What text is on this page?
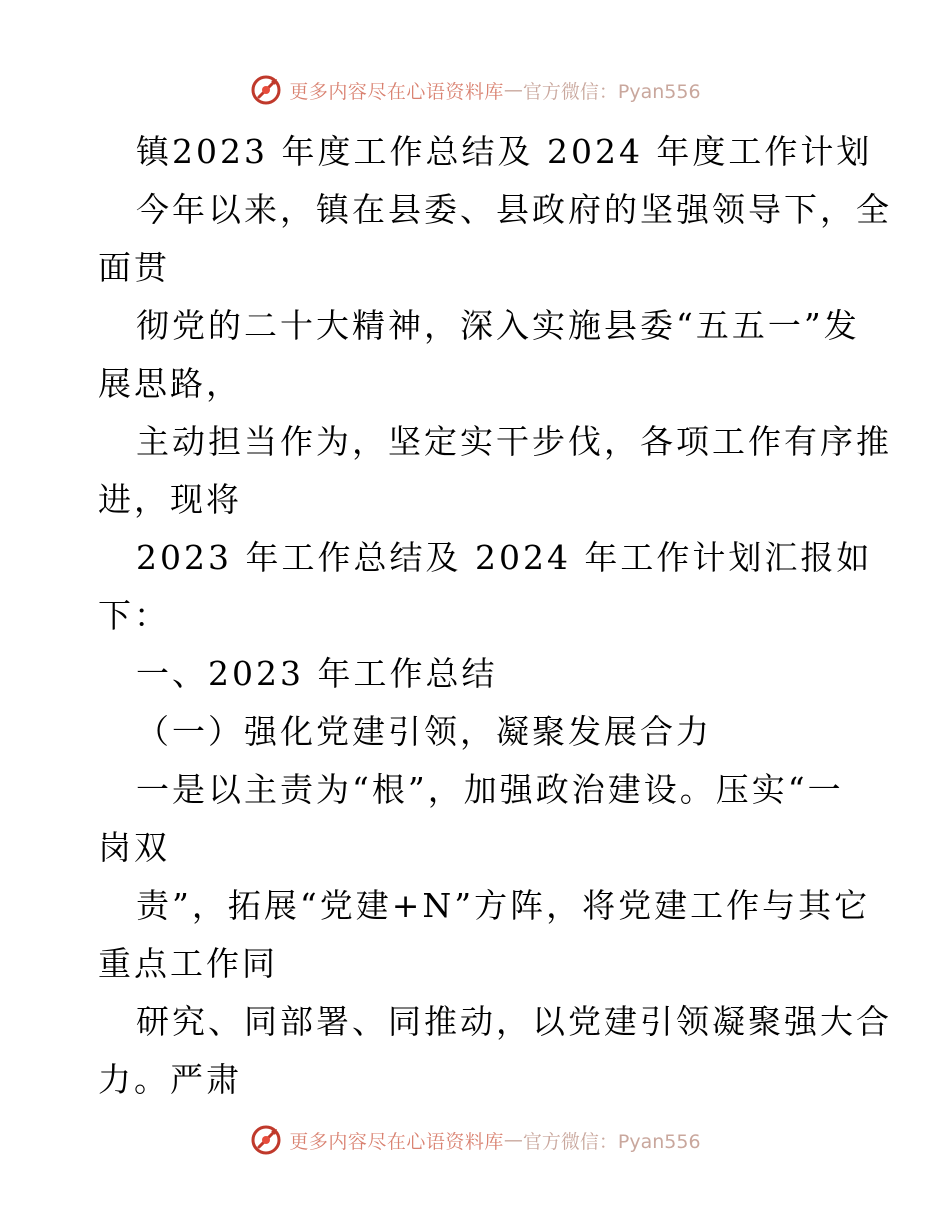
更多内容尽在心语资料库 — 官方微信：Pyan556
镇2023 年度工作总结及 2024 年度工作计划
今年以来，镇在县委、县政府的坚强领导下，全
面贯
彻党的二十大精神，深入实施县委“五五一”发
展思路，
主动担当作为，坚定实干步伐，各项工作有序推
进，现将
2023 年工作总结及 2024 年工作计划汇报如
下：
一、2023 年工作总结
（一）强化党建引领，凝聚发展合力
一是以主责为“根”，加强政治建设。压实“一
岗双
责”，拓展“党建+N”方阵，将党建工作与其它
重点工作同
研究、同部署、同推动，以党建引领凝聚强大合
力。严肃
更多内容尽在心语资料库 — 官方微信：Pyan556
